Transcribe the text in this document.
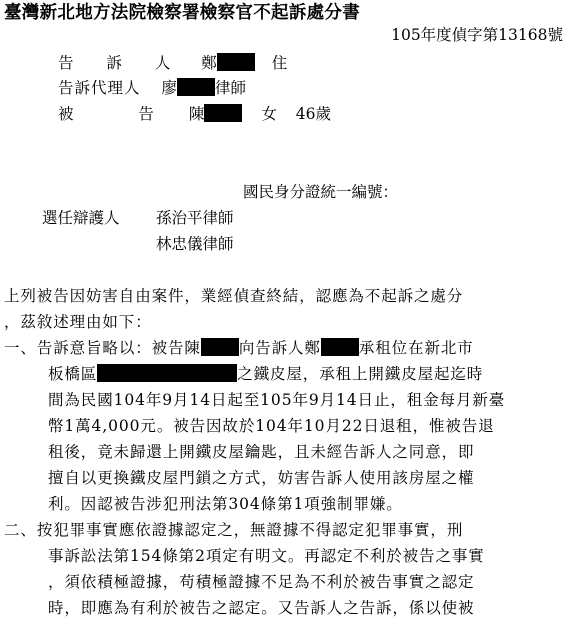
臺灣新北地方法院檢察署檢察官不起訴處分書
105年度偵字第13168號
告 訴 人 鄭	住
告訴代理人 廖 律師
被 告 陳	女 46歲
國民身分證統一編號：
選任辯護人 孫治平律師
林忠儀律師
上列被告因妨害自由案件，業經偵查終結，認應為不起訴之處分
，茲敘述理由如下：
一、告訴意旨略以：被告陳 向告訴人鄭 承租位在新北市
板橋區	之鐵皮屋，承租上開鐵皮屋起迄時
間為民國104年9月14日起至105年9月14日止，租金每月新臺
幣1萬4,000元。被告因故於104年10月22日退租，惟被告退
租後，竟未歸還上開鐵皮屋鑰匙，且未經告訴人之同意，即
擅自以更換鐵皮屋門鎖之方式，妨害告訴人使用該房屋之權
利。因認被告涉犯刑法第304條第1項強制罪嫌。
二、按犯罪事實應依證據認定之，無證據不得認定犯罪事實，刑
事訴訟法第154條第2項定有明文。再認定不利於被告之事實
，須依積極證據，苟積極證據不足為不利於被告事實之認定
時，即應為有利於被告之認定。又告訴人之告訴，係以使被
